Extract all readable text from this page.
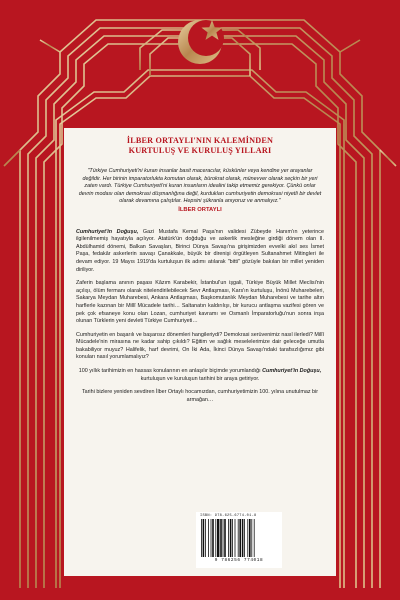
İLBER ORTAYLI'NIN KALEMİNDEN
KURTULUŞ VE KURULUŞ YILLARI
"Türkiye Cumhuriyeti'ni kuran insanlar basit maceracılar, küskünler veya kendine yer arayanlar değildir. Her birinin imparatorlukta komutan olarak, bürokrat olarak, münevver olarak seçkin bir yeri zaten vardı. Türkiye Cumhuriyeti'ni kuran insanların idealini takip etmemiz gerekiyor. Çünkü onlar devrin modası olan demokrasi düşmanlığına değil, kurdukları cumhuriyetin demokrasi niyetli bir devlet olarak devamına çalıştılar. Hepsini şükranla anıyoruz ve anmalıyız."
İLBER ORTAYLI
Cumhuriyet'in Doğuşu, Gazi Mustafa Kemal Paşa'nın validesi Zübeyde Hanım'ın yeterince ilgilenilmemiş hayatıyla açılıyor. Atatürk'ün doğduğu ve askerlik mesleğine girdiği dönem olan II. Abdülhamid dönemi, Balkan Savaşları, Birinci Dünya Savaşı'na girişimizden evvelki akıl ses İsmet Paşa, fedakâr askerlerin savaşı Çanakkale, büyük bir direnişi örgütleyen Sultanahmet Mitingleri ile devam ediyor. 19 Mayıs 1919'da kurtuluşun ilk adımı atılarak "bitti" gözüyle bakılan bir millet yeniden diriliyor.
Zaferin başlama anının paşası Kâzım Karabekir, İstanbul'un işgali, Türkiye Büyük Millet Meclisi'nin açılışı, ölüm fermanı olarak nitelendirilebilecek Sevr Antlaşması, Kars'ın kurtuluşu, İnönü Muharebeleri, Sakarya Meydan Muharebesi, Ankara Antlaşması, Başkomutanlık Meydan Muharebesi ve tarihe altın harflerle kazınan bir Millî Mücadele tarihi… Saltanatın kaldırılışı, bir kurucu antlaşma vazifesi gören ve pek çok efsaneye konu olan Lozan, cumhuriyet kavramı ve Osmanlı İmparatorluğu'nun sonra inşa olunan Türklerin yeni devleti Türkiye Cumhuriyeti…
Cumhuriyetin en başarılı ve başarısız dönemleri hangileriydi? Demokrasi serüvenimiz nasıl ilerledi? Millî Mücadele'nin mirasına ne kadar sahip çıkıldı? Eğitim ve sağlık meselelerimize dair geleceğe umutla bakabiliyor muyuz? Halifelik, harf devrimi, On İki Ada, İkinci Dünya Savaşı'ndaki tarafsızlığımız gibi konuları nasıl yorumlamalıyız?
100 yıllık tarihimizin en hassas konularının en anlaşılır biçimde yorumlandığı Cumhuriyet'in Doğuşu, kurtuluşun ve kuruluşun tarihini bir araya getiriyor.
Tarihi bizlere yeniden sevdiren İlber Ortaylı hocamızdan, cumhuriyetimizin 100. yılına unutulmaz bir armağan…
ISBN: 978-625-6774-01-8
9 786256 774018
